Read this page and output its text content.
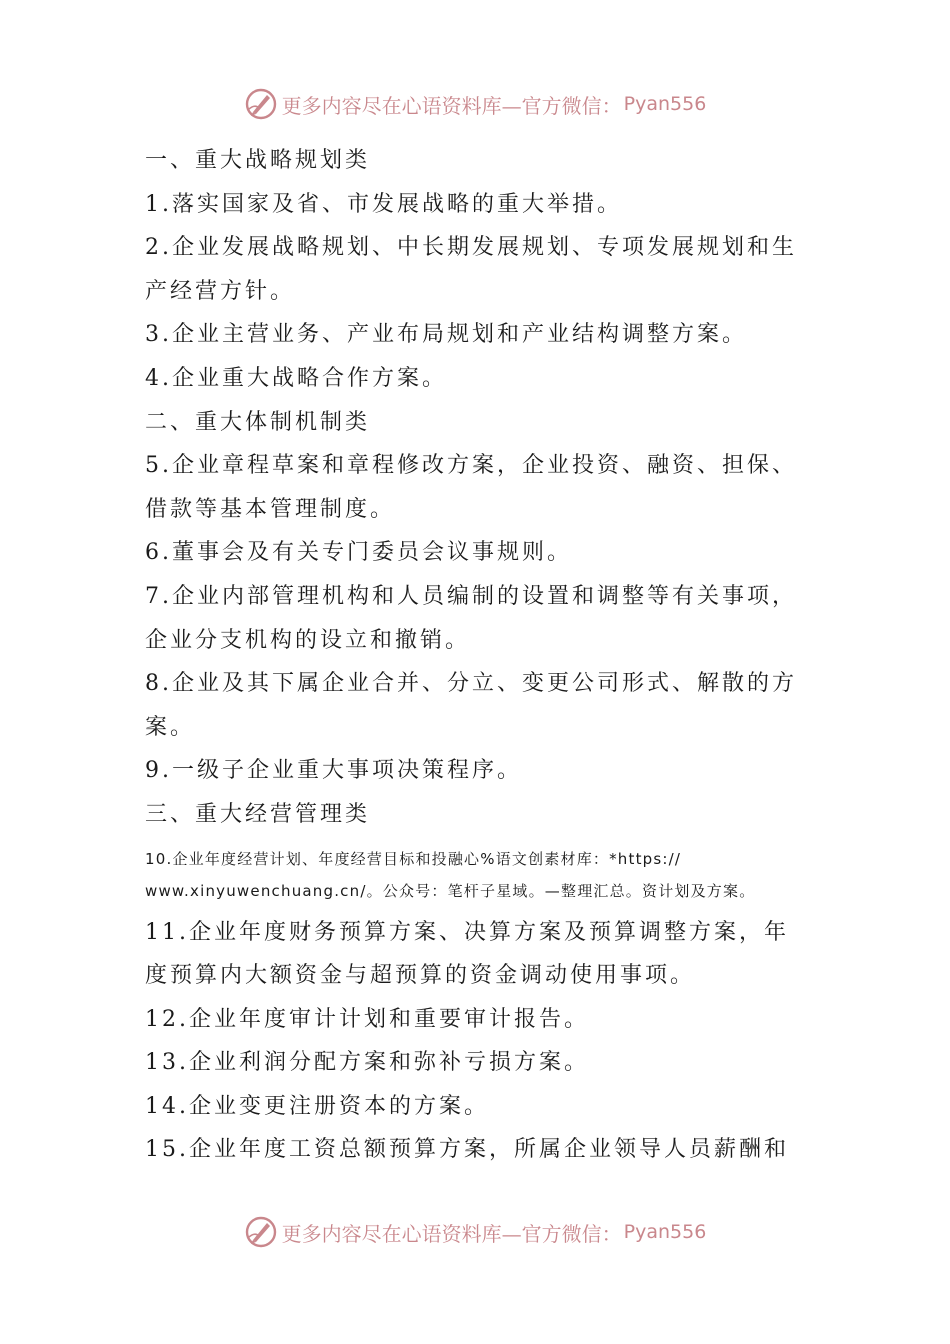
更多内容尽在心语资料库—官方微信： Pyan556
一、重大战略规划类
1.落实国家及省、市发展战略的重大举措。
2.企业发展战略规划、中长期发展规划、专项发展规划和生
产经营方针。
3.企业主营业务、产业布局规划和产业结构调整方案。
4.企业重大战略合作方案。
二、重大体制机制类
5.企业章程草案和章程修改方案，企业投资、融资、担保、
借款等基本管理制度。
6.董事会及有关专门委员会议事规则。
7.企业内部管理机构和人员编制的设置和调整等有关事项，
企业分支机构的设立和撤销。
8.企业及其下属企业合并、分立、变更公司形式、解散的方
案。
9.一级子企业重大事项决策程序。
三、重大经营管理类
10.企业年度经营计划、年度经营目标和投融心%语文创素材库：*https://
www.xinyuwenchuang.cn/。公众号：笔杆子星域。—整理汇总。资计划及方案。
11.企业年度财务预算方案、决算方案及预算调整方案，年
度预算内大额资金与超预算的资金调动使用事项。
12.企业年度审计计划和重要审计报告。
13.企业利润分配方案和弥补亏损方案。
14.企业变更注册资本的方案。
15.企业年度工资总额预算方案，所属企业领导人员薪酬和
更多内容尽在心语资料库—官方微信： Pyan556
